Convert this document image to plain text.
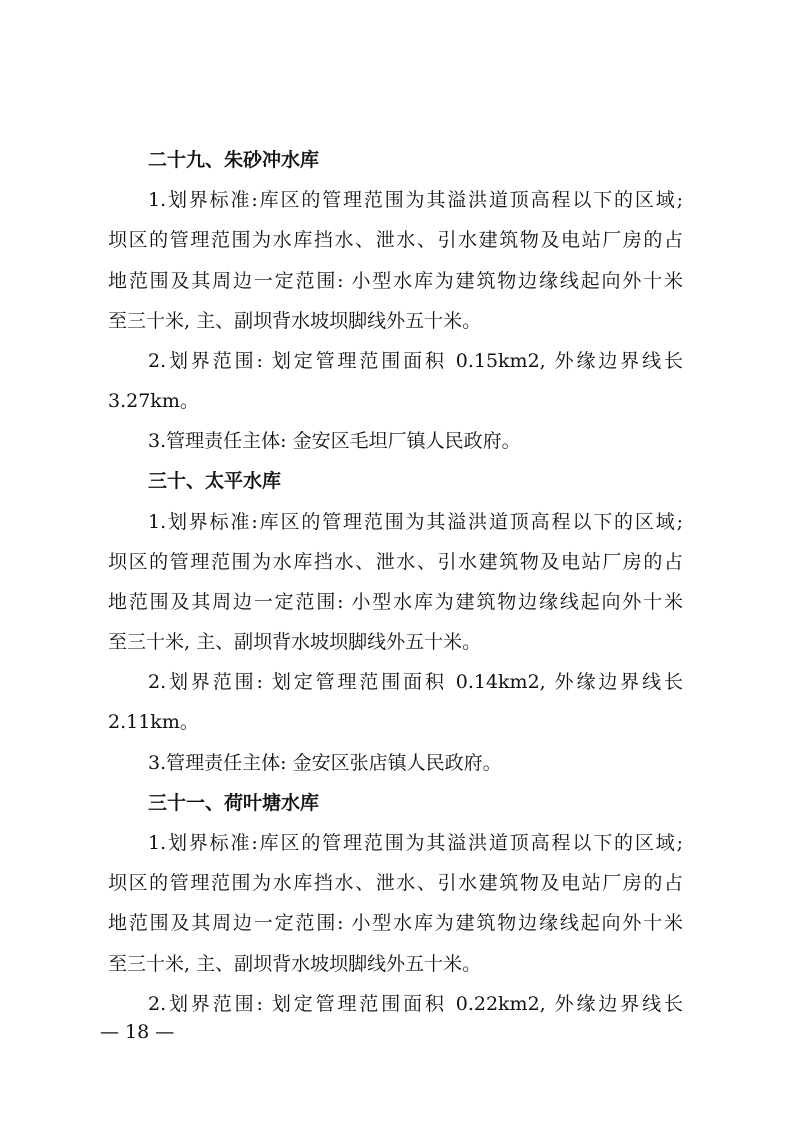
二十九、朱砂冲水库
1.划界标准:库区的管理范围为其溢洪道顶高程以下的区域;
坝区的管理范围为水库挡水、泄水、引水建筑物及电站厂房的占
地范围及其周边一定范围: 小型水库为建筑物边缘线起向外十米
至三十米, 主、副坝背水坡坝脚线外五十米。
2.划界范围: 划定管理范围面积 0.15km2, 外缘边界线长
3.27km。
3.管理责任主体: 金安区毛坦厂镇人民政府。
三十、太平水库
1.划界标准:库区的管理范围为其溢洪道顶高程以下的区域;
坝区的管理范围为水库挡水、泄水、引水建筑物及电站厂房的占
地范围及其周边一定范围: 小型水库为建筑物边缘线起向外十米
至三十米, 主、副坝背水坡坝脚线外五十米。
2.划界范围: 划定管理范围面积 0.14km2, 外缘边界线长
2.11km。
3.管理责任主体: 金安区张店镇人民政府。
三十一、荷叶塘水库
1.划界标准:库区的管理范围为其溢洪道顶高程以下的区域;
坝区的管理范围为水库挡水、泄水、引水建筑物及电站厂房的占
地范围及其周边一定范围: 小型水库为建筑物边缘线起向外十米
至三十米, 主、副坝背水坡坝脚线外五十米。
2.划界范围: 划定管理范围面积 0.22km2, 外缘边界线长
— 18 —
